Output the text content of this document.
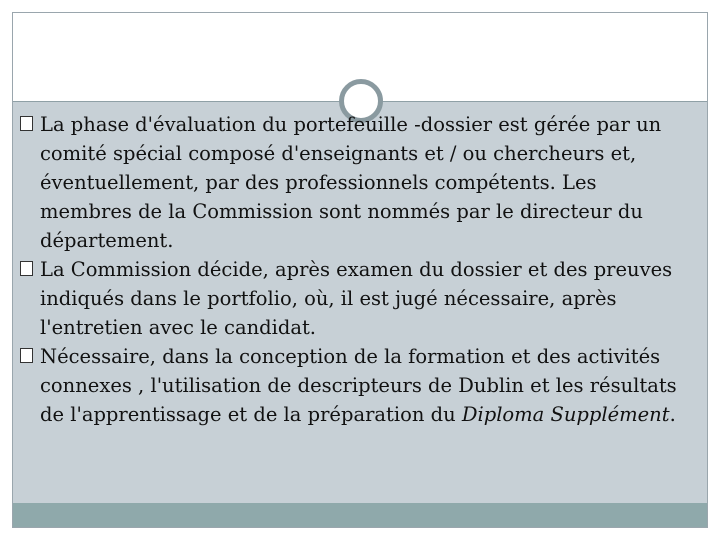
La phase d'évaluation du portefeuille -dossier est gérée par un comité spécial composé d'enseignants et / ou chercheurs et, éventuellement, par des professionnels compétents. Les membres de la Commission sont nommés par le directeur du département.
La Commission décide, après examen du dossier et des preuves indiqués dans le portfolio, où, il est jugé nécessaire, après l'entretien avec le candidat.
Nécessaire, dans la conception de la formation et des activités connexes , l'utilisation de descripteurs de Dublin et les résultats de l'apprentissage et de la préparation du Diploma Supplément.
